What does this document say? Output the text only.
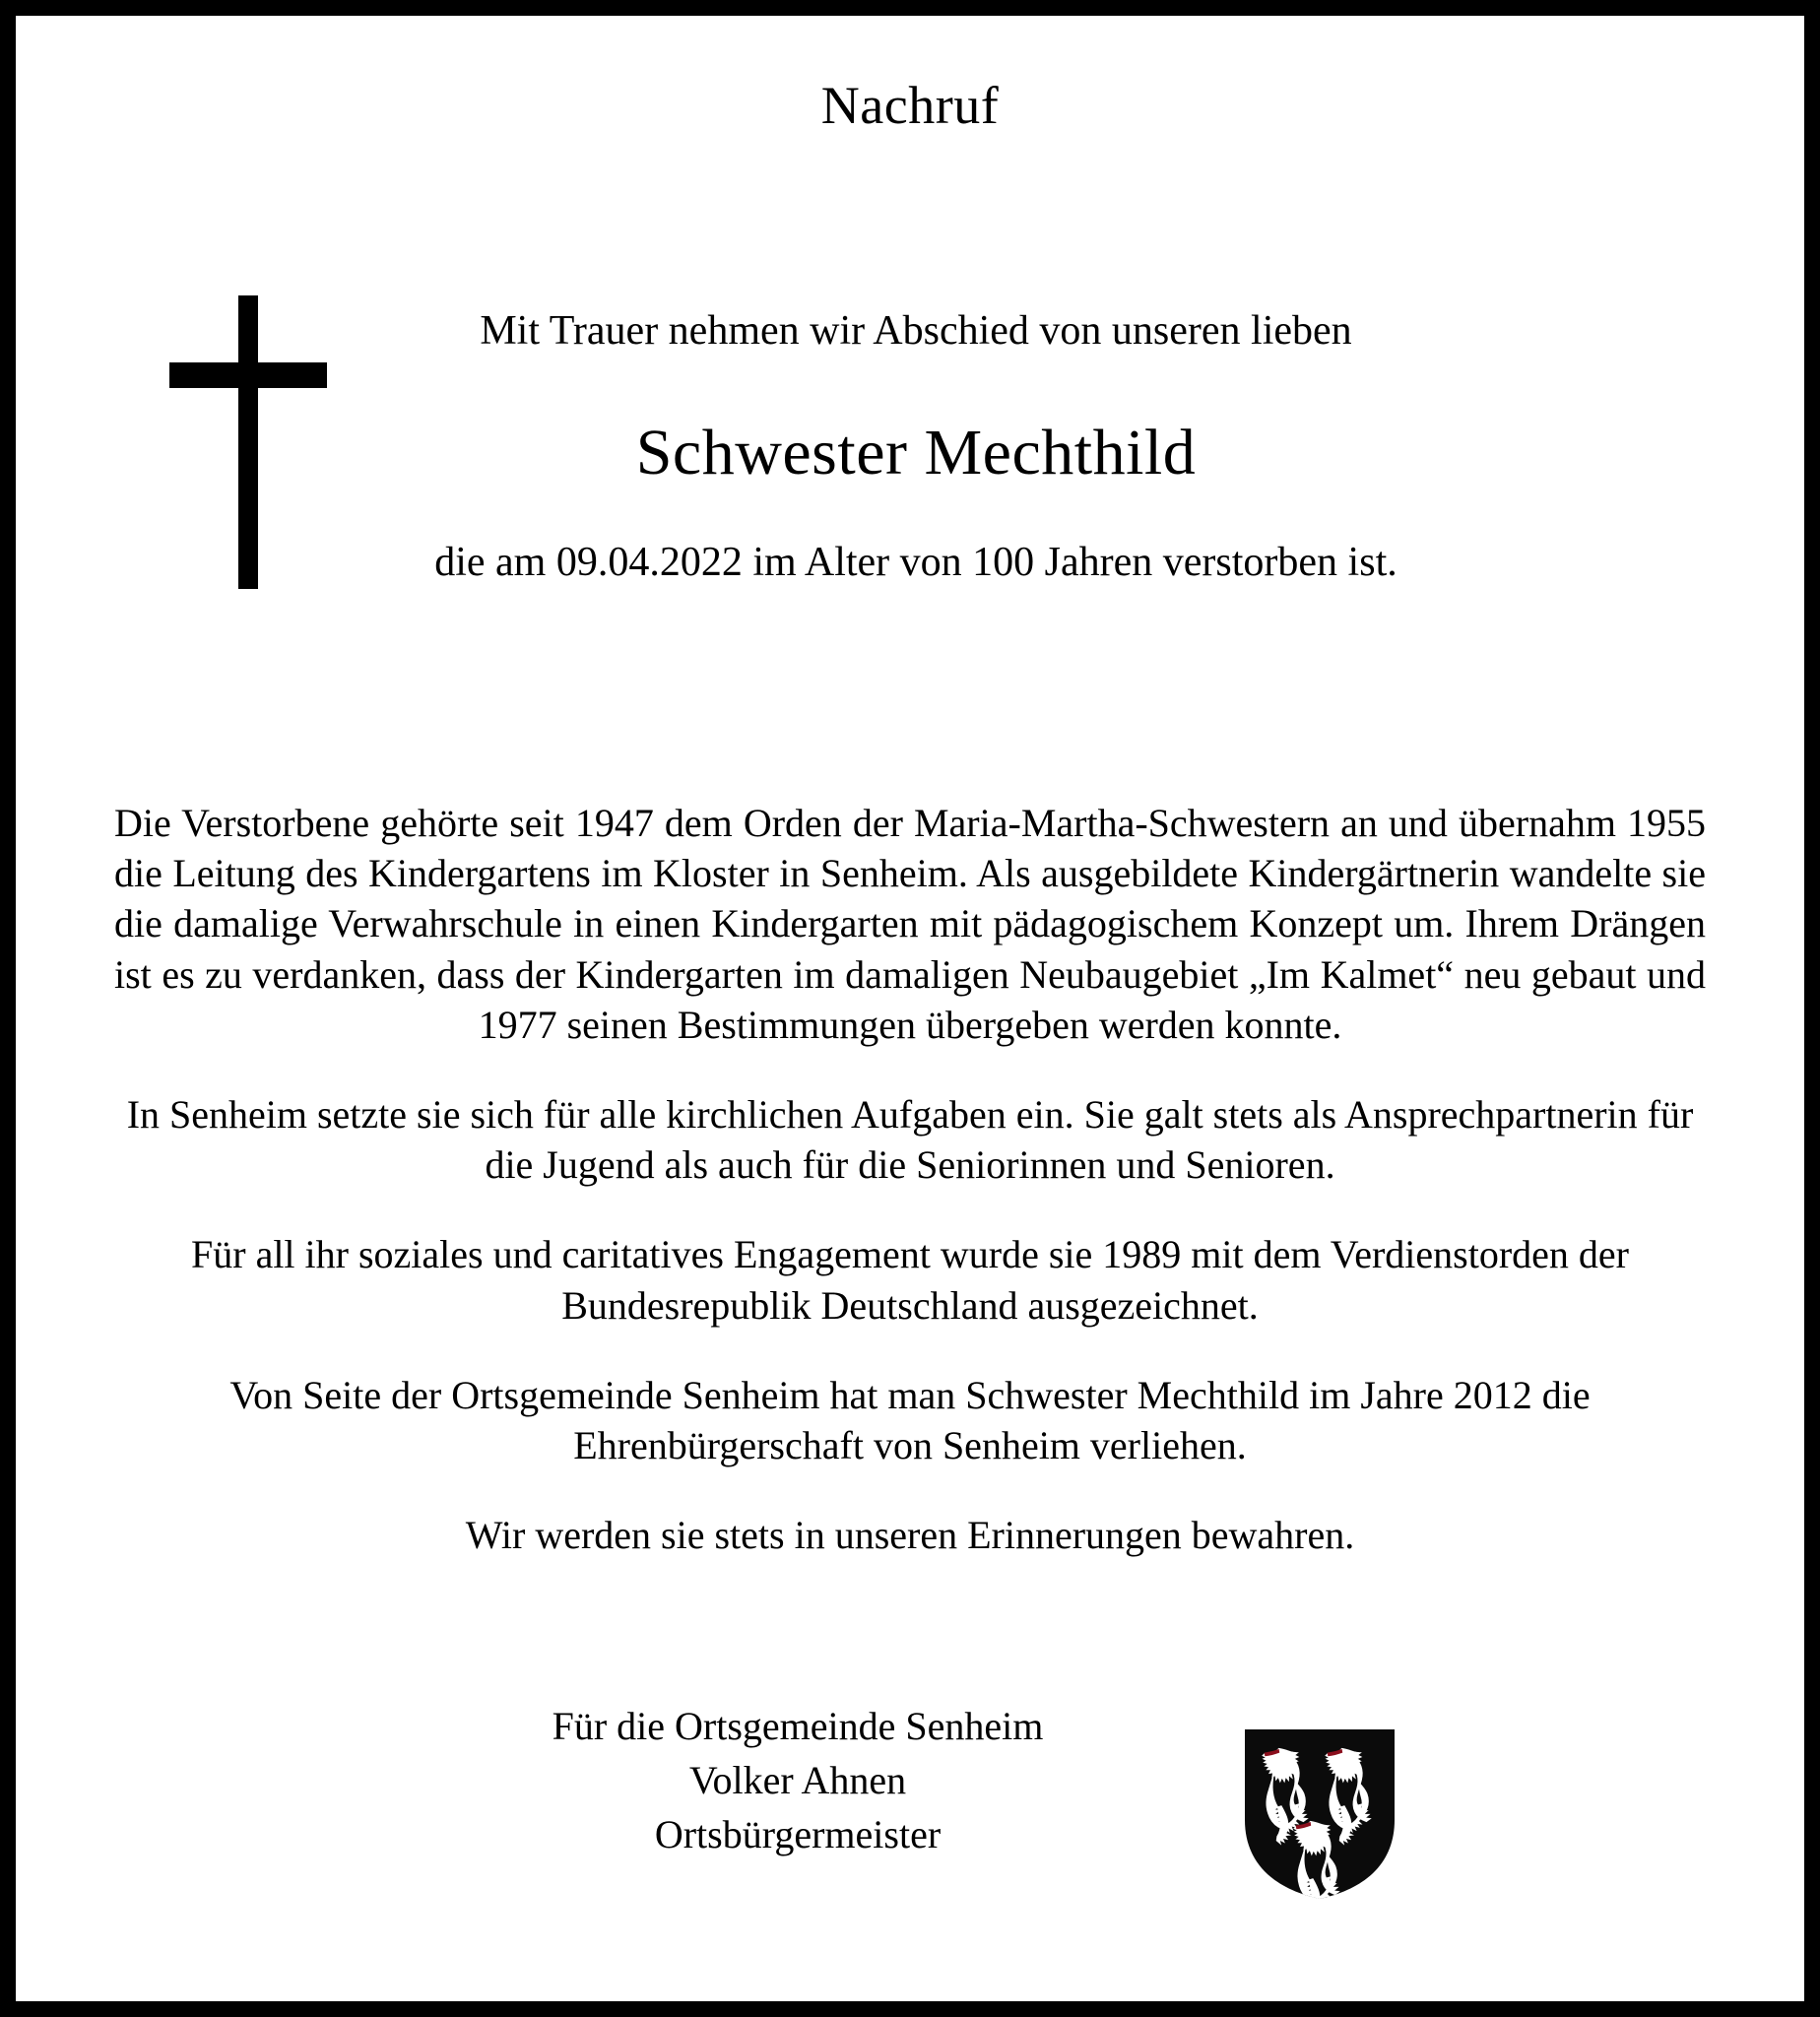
Nachruf
Mit Trauer nehmen wir Abschied von unseren lieben
Schwester Mechthild
die am 09.04.2022 im Alter von 100 Jahren verstorben ist.

Die Verstorbene gehörte seit 1947 dem Orden der Maria-Martha-Schwestern an und übernahm 1955 die Leitung des Kindergartens im Kloster in Senheim. Als ausgebildete Kindergärtnerin wandelte sie die damalige Verwahrschule in einen Kindergarten mit pädagogischem Konzept um. Ihrem Drängen ist es zu verdanken, dass der Kindergarten im damaligen Neubaugebiet „Im Kalmet“ neu gebaut und 1977 seinen Bestimmungen übergeben werden konnte.

In Senheim setzte sie sich für alle kirchlichen Aufgaben ein. Sie galt stets als Ansprechpartnerin für die Jugend als auch für die Seniorinnen und Senioren.

Für all ihr soziales und caritatives Engagement wurde sie 1989 mit dem Verdienstorden der Bundesrepublik Deutschland ausgezeichnet.

Von Seite der Ortsgemeinde Senheim hat man Schwester Mechthild im Jahre 2012 die Ehrenbürgerschaft von Senheim verliehen.

Wir werden sie stets in unseren Erinnerungen bewahren.

Für die Ortsgemeinde Senheim
Volker Ahnen
Ortsbürgermeister
